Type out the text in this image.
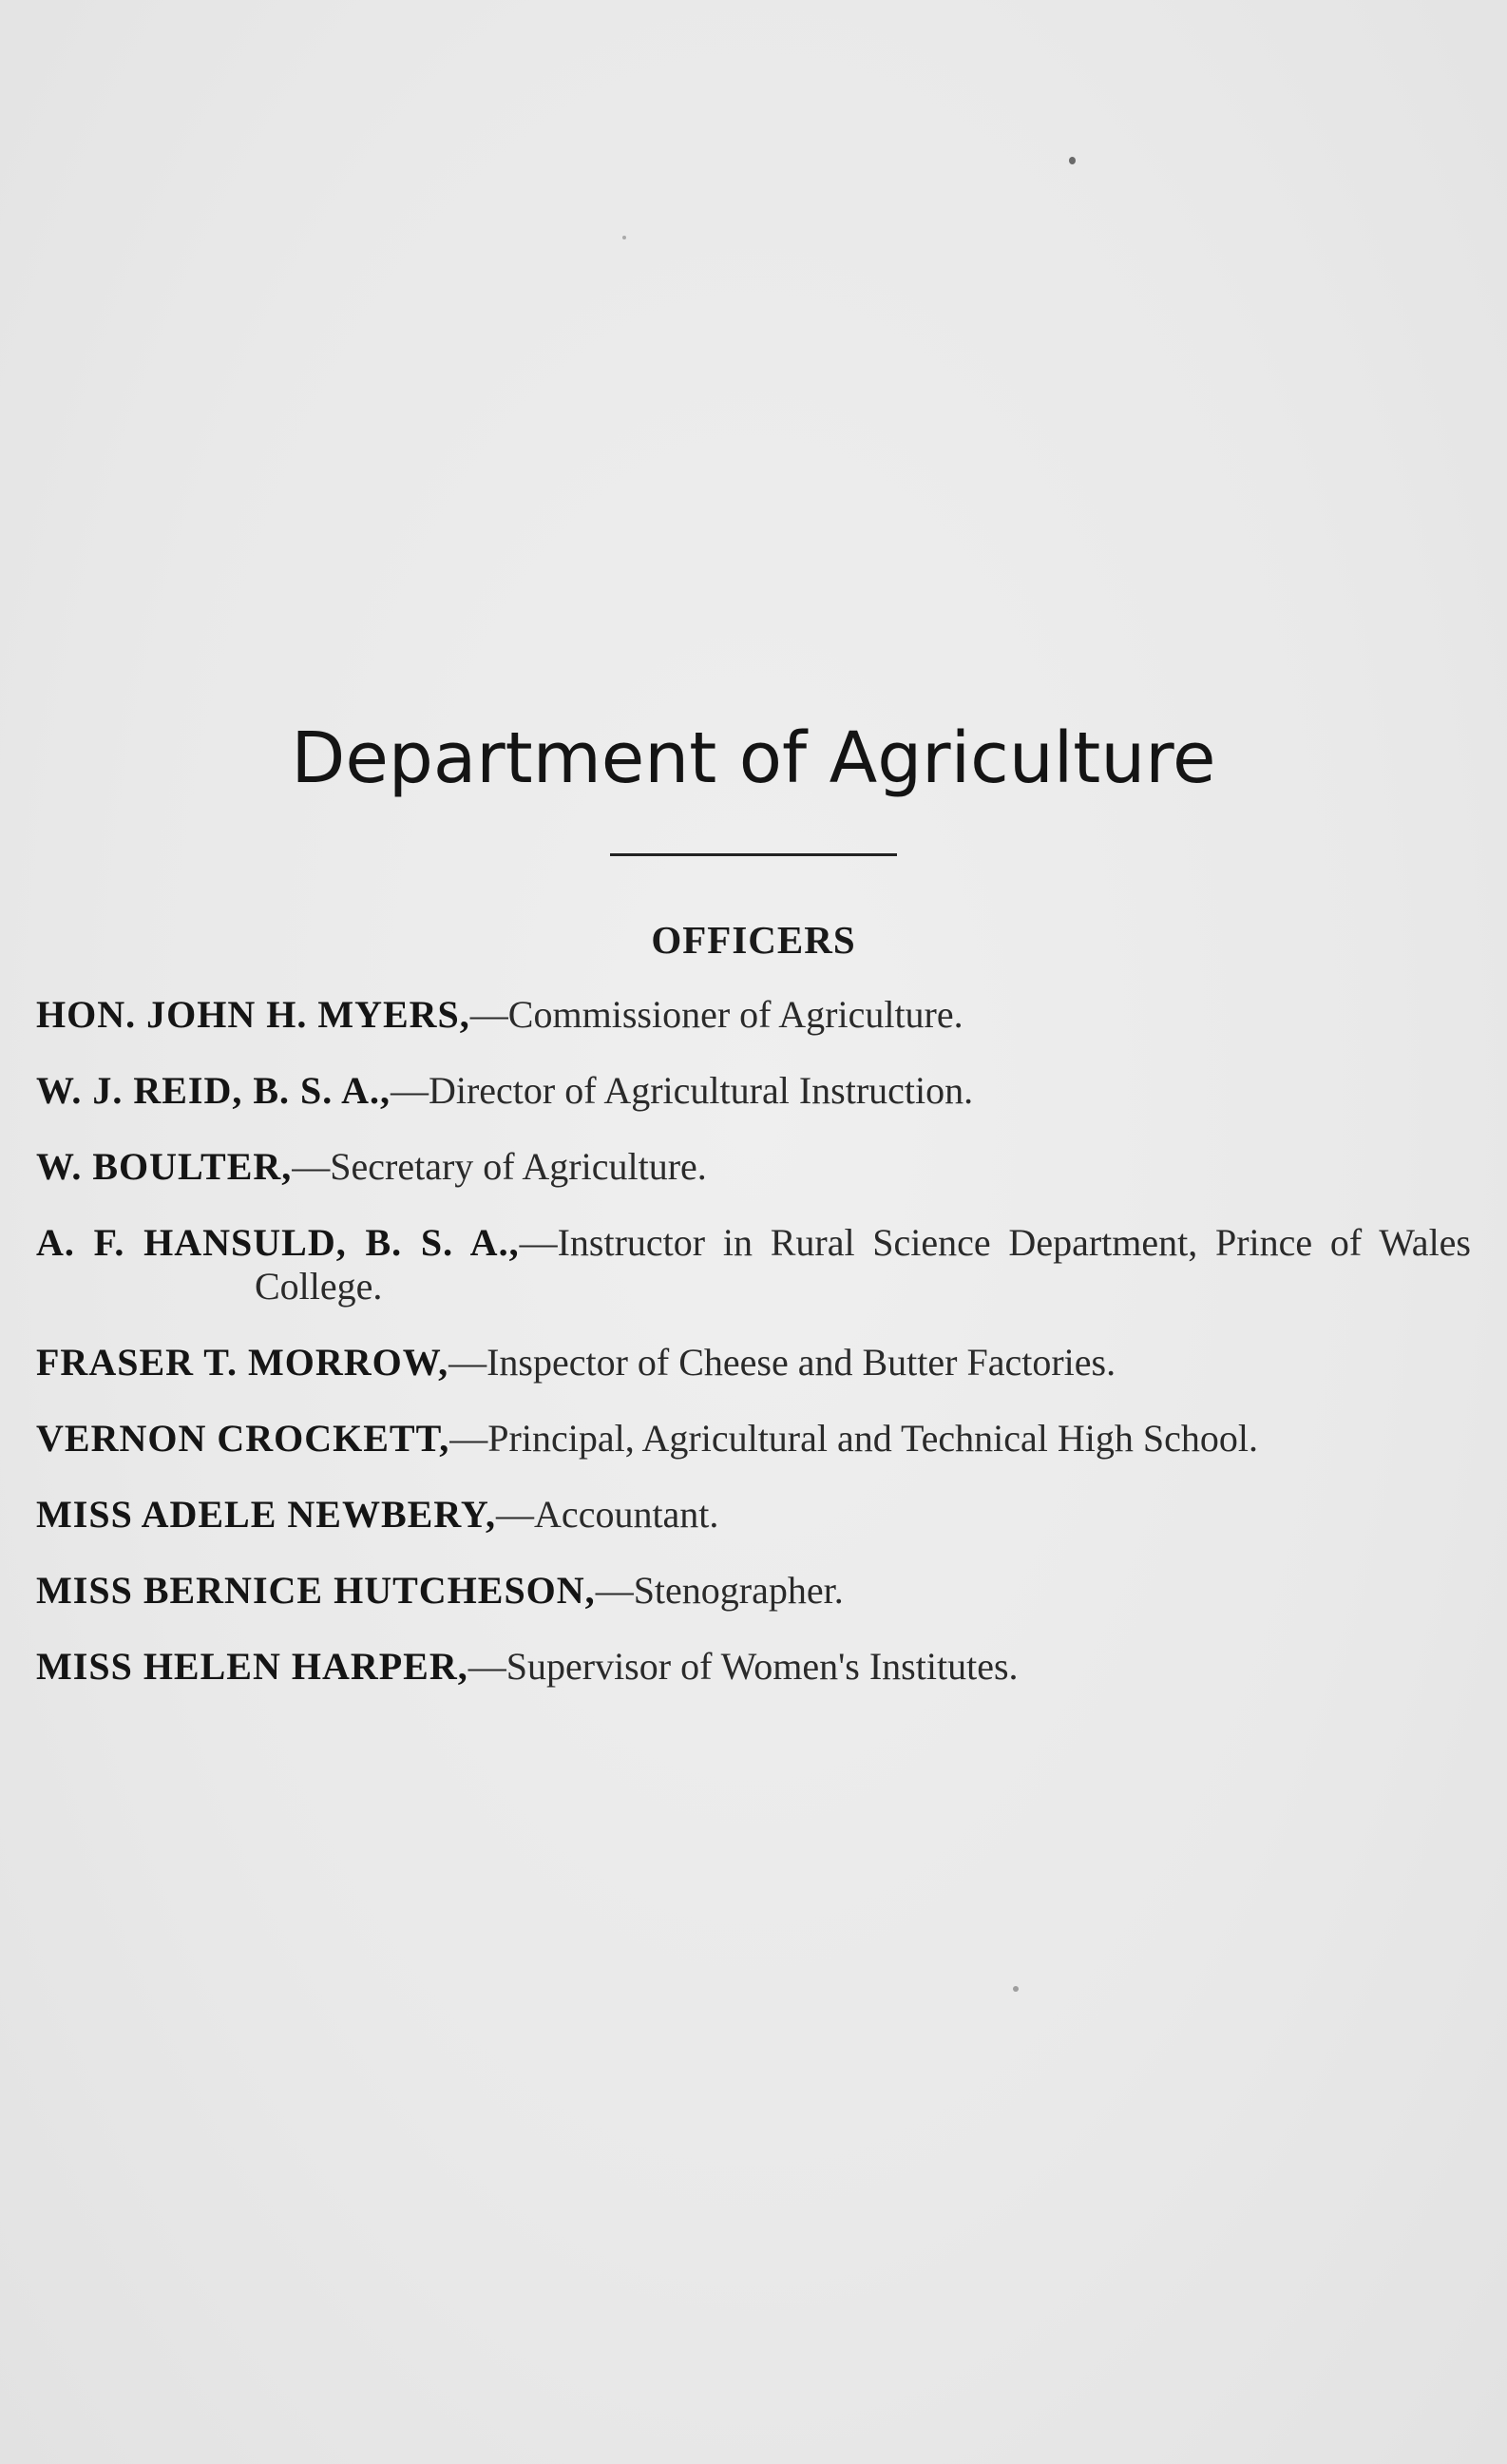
Department of Agriculture
OFFICERS
HON. JOHN H. MYERS,—Commissioner of Agriculture.
W. J. REID, B. S. A.,—Director of Agricultural Instruction.
W. BOULTER,—Secretary of Agriculture.
A. F. HANSULD, B. S. A.,—Instructor in Rural Science Department, Prince of Wales College.
FRASER T. MORROW,—Inspector of Cheese and Butter Factories.
VERNON CROCKETT,—Principal, Agricultural and Technical High School.
MISS ADELE NEWBERY,—Accountant.
MISS BERNICE HUTCHESON,—Stenographer.
MISS HELEN HARPER,—Supervisor of Women's Institutes.
